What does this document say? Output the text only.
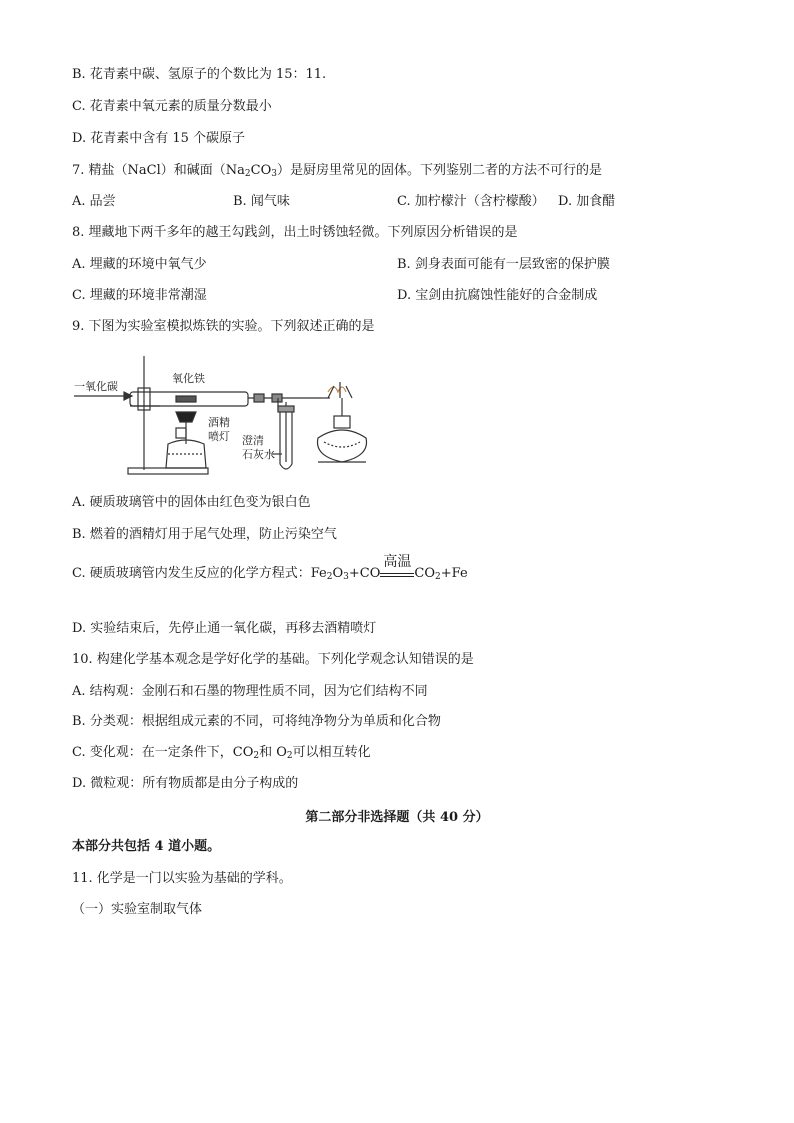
B. 花青素中碳、氢原子的个数比为 15：11.
C. 花青素中氧元素的质量分数最小
D. 花青素中含有 15 个碳原子
7. 精盐（NaCl）和碱面$(Na_2CO_3)$是厨房里常见的固体。下列鉴别二者的方法不可行的是
A. 品尝	B. 闻气味	C. 加柠檬汁（含柠檬酸） D. 加食醋
8. 埋藏地下两千多年的越王勾践剑，出土时锈蚀轻微。下列原因分析错误的是
A. 埋藏的环境中氧气少	B. 剑身表面可能有一层致密的保护膜
C. 埋藏的环境非常潮湿	D. 宝剑由抗腐蚀性能好的合金制成
9. 下图为实验室模拟炼铁的实验。下列叙述正确的是
一氧化碳
氧化铁
酒精
喷灯 澄清
石灰水
A. 硬质玻璃管中的固体由红色变为银白色
B. 燃着的酒精灯用于尾气处理，防止污染空气
C. 硬质玻璃管内发生反应的化学方程式：$Fe_2O_3+CO$
高温
$CO_2+Fe$
D. 实验结束后，先停止通一氧化碳，再移去酒精喷灯
10. 构建化学基本观念是学好化学的基础。下列化学观念认知错误的是
A. 结构观：金刚石和石墨的物理性质不同，因为它们结构不同
B. 分类观：根据组成元素的不同，可将纯净物分为单质和化合物
C. 变化观：在一定条件下，$CO_2$和 $O_2$可以相互转化
D. 微粒观：所有物质都是由分子构成的
第二部分非选择题（共 40 分）
本部分共包括 4 道小题。
11. 化学是一门以实验为基础的学科。
（一）实验室制取气体
